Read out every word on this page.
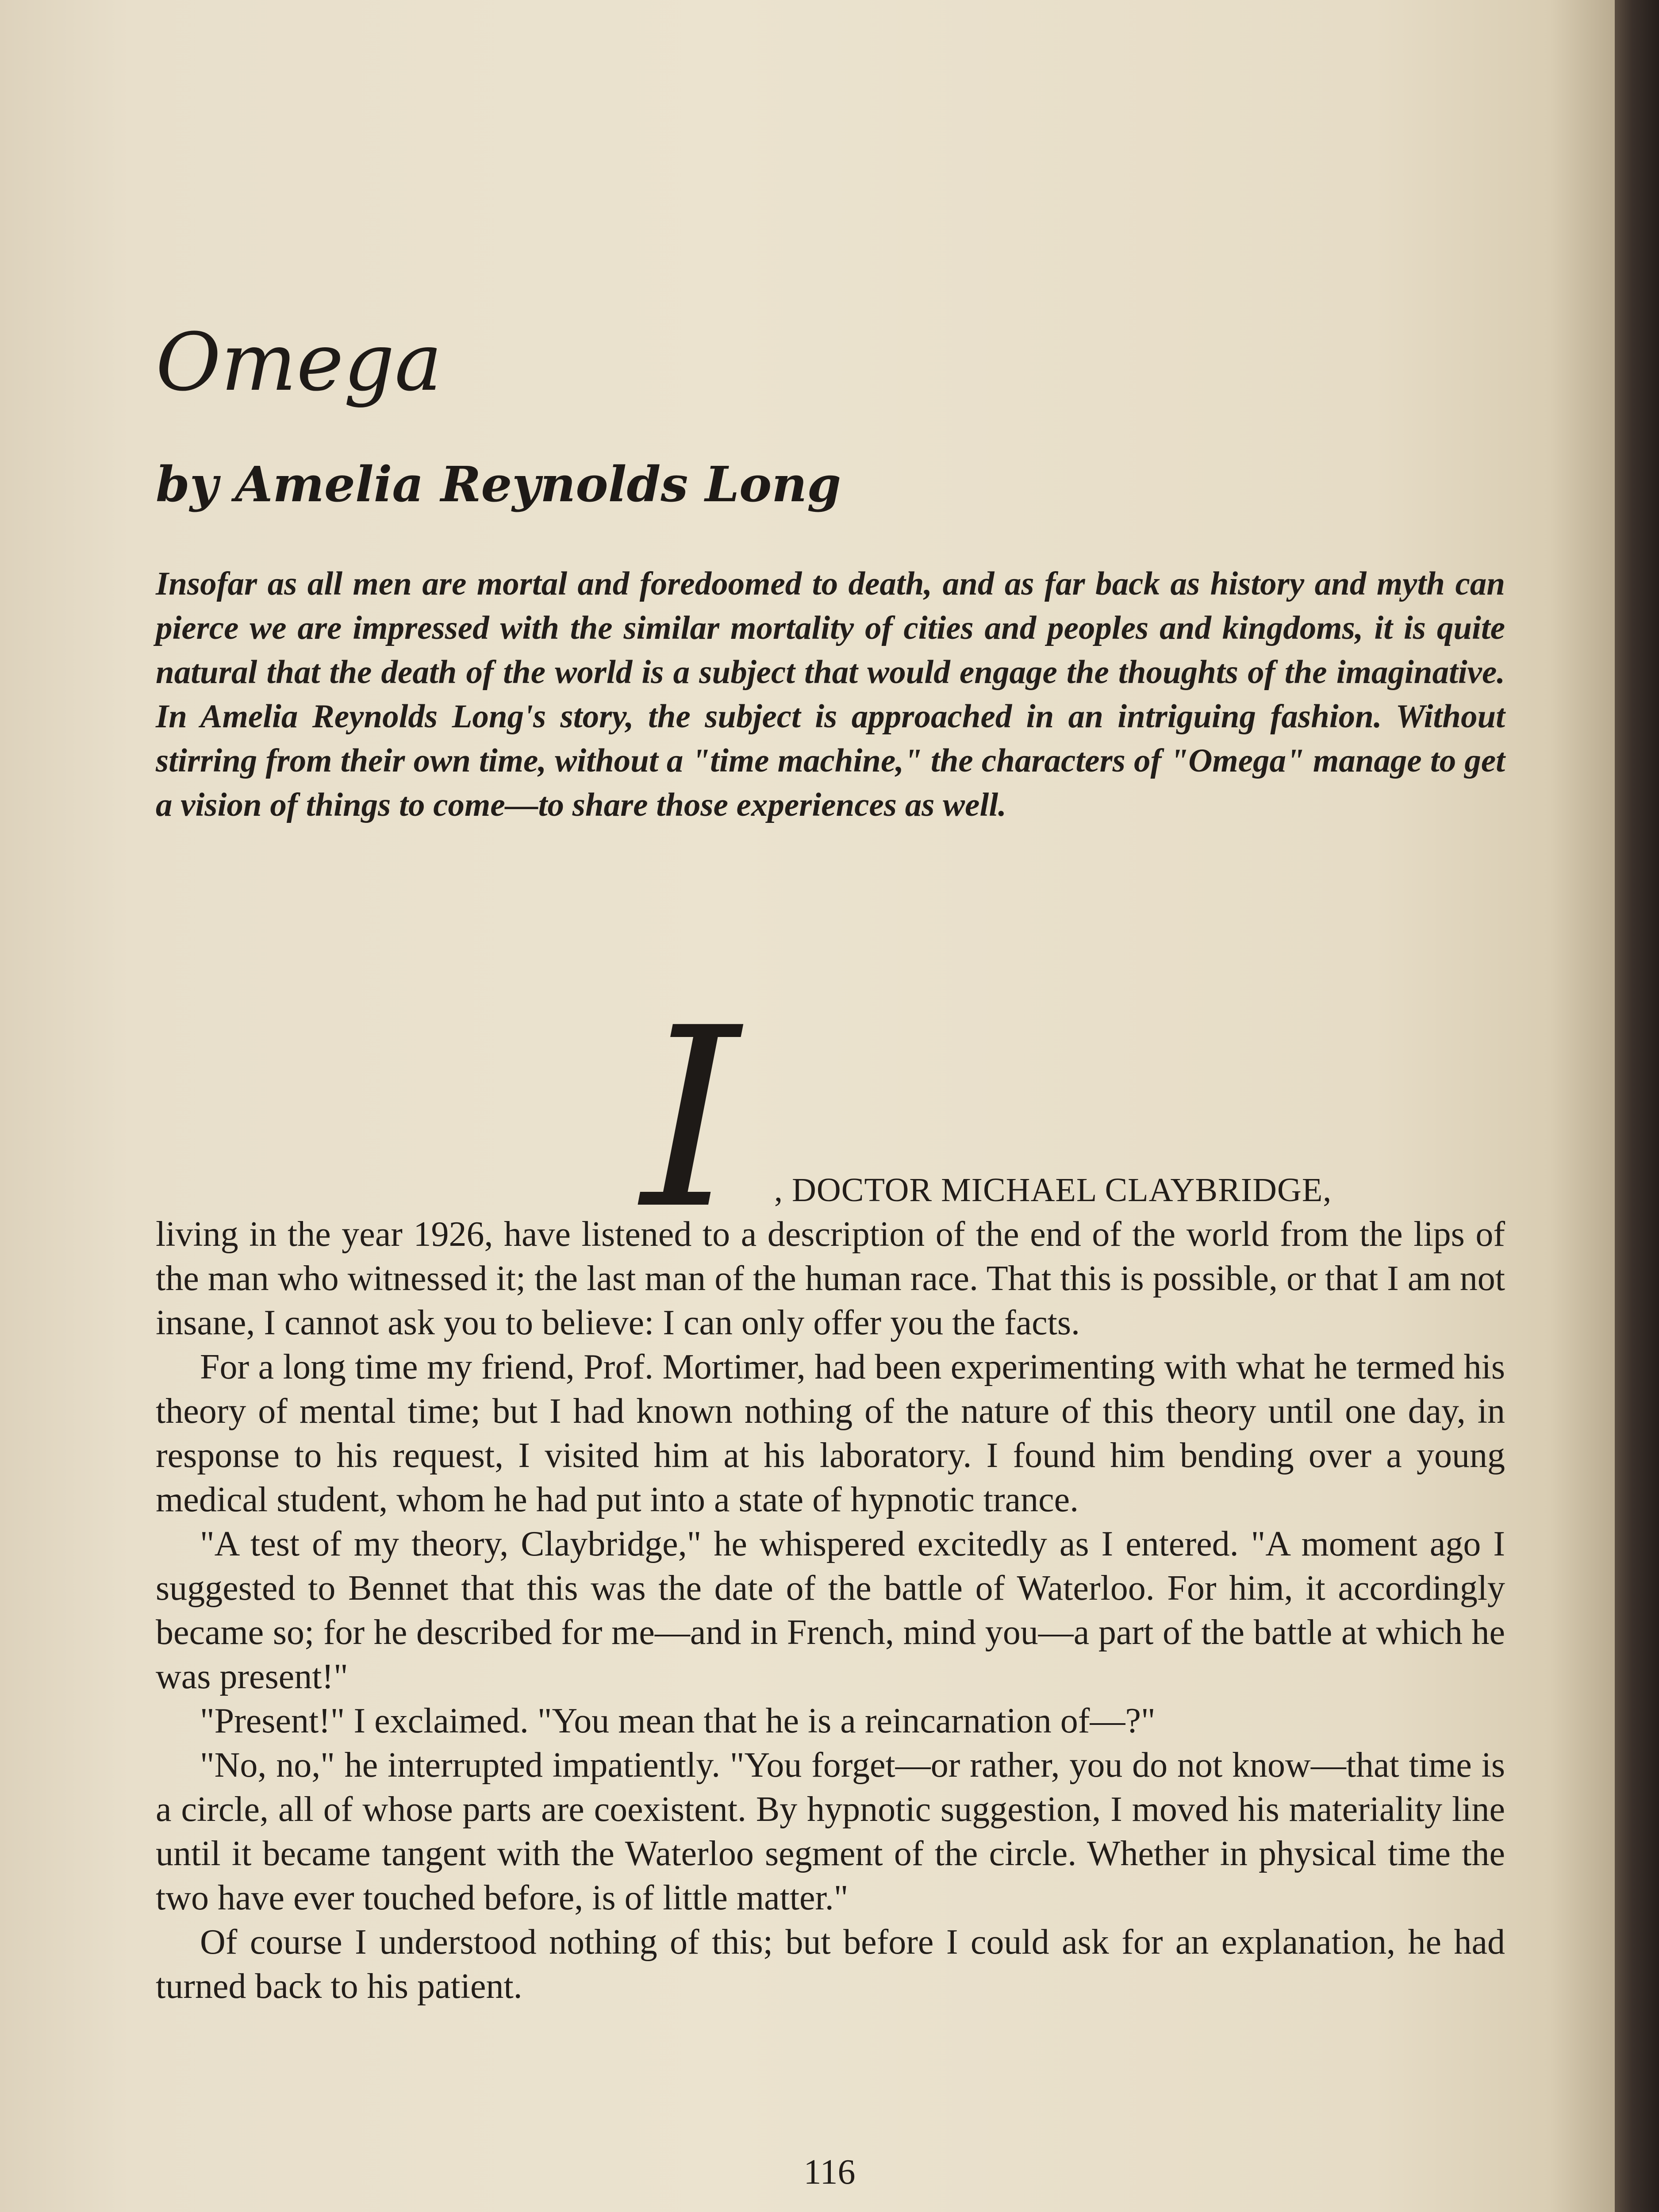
Omega
by Amelia Reynolds Long

Insofar as all men are mortal and foredoomed to death, and as far back as history and myth can pierce we are impressed with the similar mortality of cities and peoples and kingdoms, it is quite natural that the death of the world is a subject that would engage the thoughts of the imaginative. In Amelia Reynolds Long's story, the subject is approached in an intriguing fashion. Without stirring from their own time, without a "time machine," the characters of "Omega" manage to get a vision of things to come—to share those experiences as well.

I , DOCTOR MICHAEL CLAYBRIDGE,

living in the year 1926, have listened to a description of the end of the world from the lips of the man who witnessed it; the last man of the human race. That this is possible, or that I am not insane, I cannot ask you to believe: I can only offer you the facts.

For a long time my friend, Prof. Mortimer, had been experimenting with what he termed his theory of mental time; but I had known nothing of the nature of this theory until one day, in response to his request, I visited him at his laboratory. I found him bending over a young medical student, whom he had put into a state of hypnotic trance.

"A test of my theory, Claybridge," he whispered excitedly as I entered. "A moment ago I suggested to Bennet that this was the date of the battle of Waterloo. For him, it accordingly became so; for he described for me—and in French, mind you—a part of the battle at which he was present!"

"Present!" I exclaimed. "You mean that he is a reincarnation of—?"

"No, no," he interrupted impatiently. "You forget—or rather, you do not know—that time is a circle, all of whose parts are coexistent. By hypnotic suggestion, I moved his materiality line until it became tangent with the Waterloo segment of the circle. Whether in physical time the two have ever touched before, is of little matter."

Of course I understood nothing of this; but before I could ask for an explanation, he had turned back to his patient.

116
